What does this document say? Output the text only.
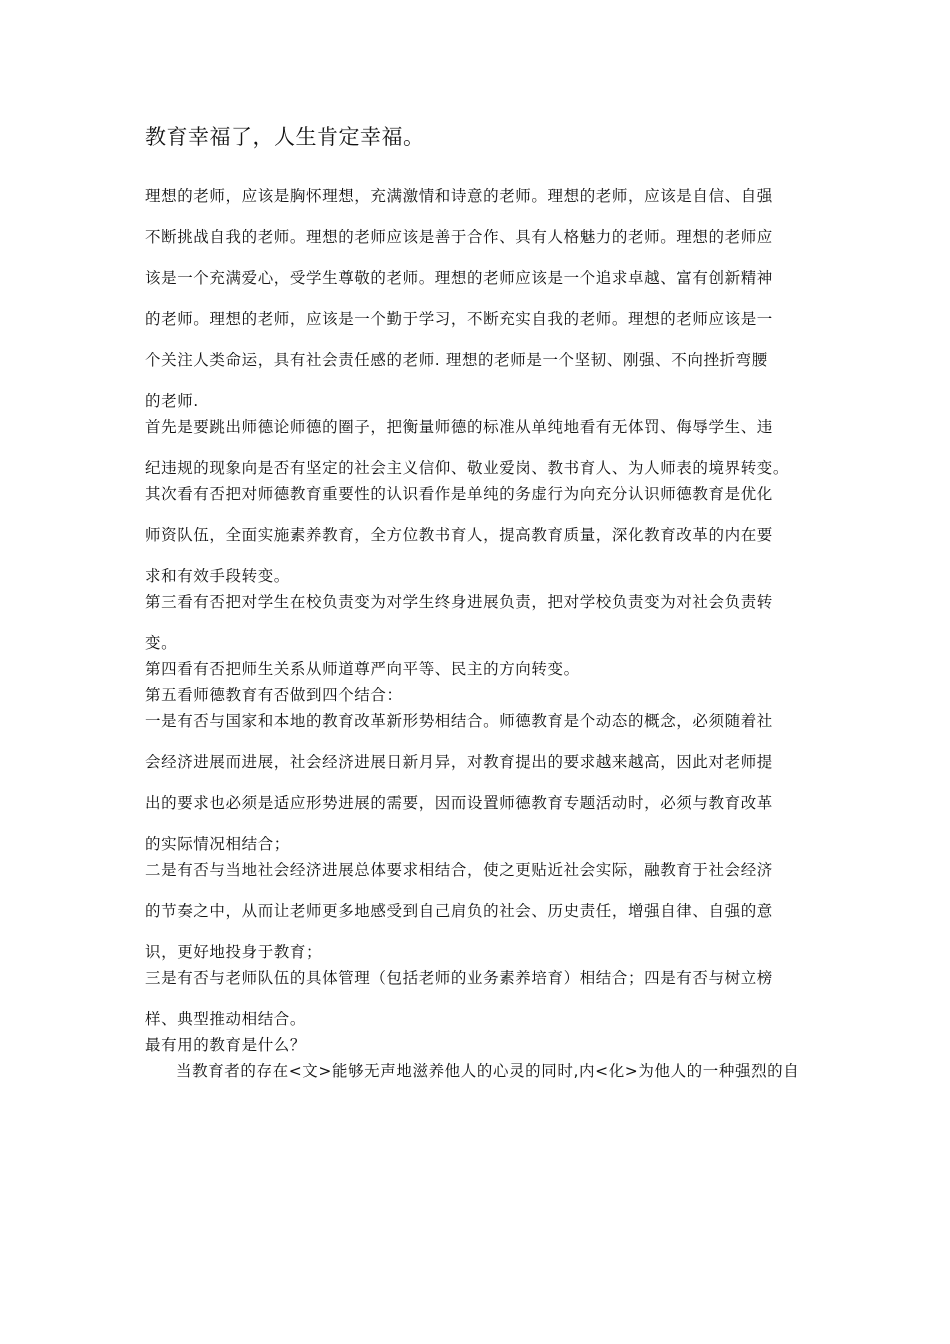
教育幸福了，人生肯定幸福。
理想的老师，应该是胸怀理想，充满激情和诗意的老师。理想的老师，应该是自信、自强
不断挑战自我的老师。理想的老师应该是善于合作、具有人格魅力的老师。理想的老师应
该是一个充满爱心，受学生尊敬的老师。理想的老师应该是一个追求卓越、富有创新精神
的老师。理想的老师，应该是一个勤于学习，不断充实自我的老师。理想的老师应该是一
个关注人类命运，具有社会责任感的老师. 理想的老师是一个坚韧、刚强、不向挫折弯腰
的老师.
首先是要跳出师德论师德的圈子，把衡量师德的标准从单纯地看有无体罚、侮辱学生、违
纪违规的现象向是否有坚定的社会主义信仰、敬业爱岗、教书育人、为人师表的境界转变。
其次看有否把对师德教育重要性的认识看作是单纯的务虚行为向充分认识师德教育是优化
师资队伍，全面实施素养教育，全方位教书育人，提高教育质量，深化教育改革的内在要
求和有效手段转变。
第三看有否把对学生在校负责变为对学生终身进展负责，把对学校负责变为对社会负责转
变。
第四看有否把师生关系从师道尊严向平等、民主的方向转变。
第五看师德教育有否做到四个结合：
一是有否与国家和本地的教育改革新形势相结合。师德教育是个动态的概念，必须随着社
会经济进展而进展，社会经济进展日新月异，对教育提出的要求越来越高，因此对老师提
出的要求也必须是适应形势进展的需要，因而设置师德教育专题活动时，必须与教育改革
的实际情况相结合；
二是有否与当地社会经济进展总体要求相结合，使之更贴近社会实际，融教育于社会经济
的节奏之中，从而让老师更多地感受到自己肩负的社会、历史责任，增强自律、自强的意
识，更好地投身于教育；
三是有否与老师队伍的具体管理（包括老师的业务素养培育）相结合；四是有否与树立榜
样、典型推动相结合。
最有用的教育是什么？
当教育者的存在<文>能够无声地滋养他人的心灵的同时,内<化>为他人的一种强烈的自
